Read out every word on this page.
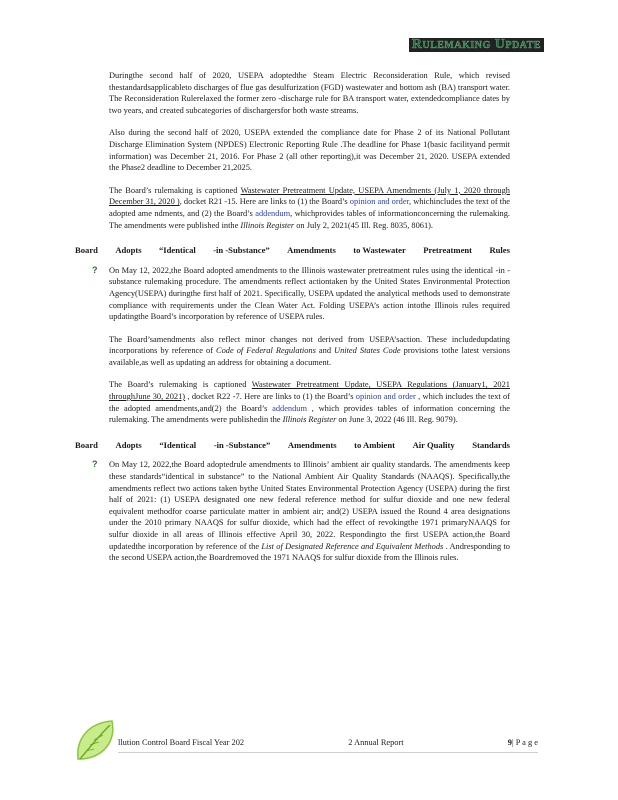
Rulemaking Update

Duringthe second half of 2020, USEPA adoptedthe Steam Electric Reconsideration Rule, which revised thestandardsapplicableto discharges of flue gas desulfurization (FGD) wastewater and bottom ash (BA) transport water. The Reconsideration Rulerelaxed the former zero -discharge rule for BA transport water, extendedcompliance dates by two years, and created subcategories of dischargersfor both waste streams.

Also during the second half of 2020, USEPA extended the compliance date for Phase 2 of its National Pollutant Discharge Elimination System (NPDES) Electronic Reporting Rule .The deadline for Phase 1(basic facilityand permit information) was December 21, 2016. For Phase 2 (all other reporting),it was December 21, 2020. USEPA extended the Phase2 deadline to December 21,2025.

The Board’s rulemaking is captioned Wastewater Pretreatment Update, USEPA Amendments (July 1, 2020 through December 31, 2020 ), docket R21 -15. Here are links to (1) the Board’s opinion and order, whichincludes the text of the adopted ame ndments, and (2) the Board’s addendum, whichprovides tables of informationconcerning the rulemaking. The amendments were published inthe Illinois Register on July 2, 2021(45 Ill. Reg. 8035, 8061).

Board Adopts “Identical -in -Substance” Amendments to Wastewater Pretreatment Rules
? On May 12, 2022,the Board adopted amendments to the Illinois wastewater pretreatment rules using the identical -in -substance rulemaking procedure. The amendments reflect actiontaken by the United States Environmental Protection Agency(USEPA) duringthe first half of 2021. Specifically, USEPA updated the analytical methods used to demonstrate compliance with requirements under the Clean Water Act. Folding USEPA’s action intothe Illinois rules required updatingthe Board’s incorporation by reference of USEPA rules.

The Board’samendments also reflect minor changes not derived from USEPA’saction. These includedupdating incorporations by reference of Code of Federal Regulations and United States Code provisions tothe latest versions available,as well as updating an address for obtaining a document.

The Board’s rulemaking is captioned Wastewater Pretreatment Update, USEPA Regulations (January1, 2021 throughJune 30, 2021) , docket R22 -7. Here are links to (1) the Board’s opinion and order , which includes the text of the adopted amendments,and(2) the Board’s addendum , which provides tables of information concerning the rulemaking. The amendments were publishedin the Illinois Register on June 3, 2022 (46 Ill. Reg. 9079).

Board Adopts “Identical -in -Substance” Amendments to Ambient Air Quality Standards
? On May 12, 2022,the Board adoptedrule amendments to Illinois’ ambient air quality standards. The amendments keep these standards“identical in substance” to the National Ambient Air Quality Standards (NAAQS). Specifically,the amendments reflect two actions taken bythe United States Environmental Protection Agency (USEPA) during the first half of 2021: (1) USEPA designated one new federal reference method for sulfur dioxide and one new federal equivalent methodfor coarse particulate matter in ambient air; and(2) USEPA issued the Round 4 area designations under the 2010 primary NAAQS for sulfur dioxide, which had the effect of revokingthe 1971 primaryNAAQS for sulfur dioxide in all areas of Illinois effective April 30, 2022. Respondingto the first USEPA action,the Board updatedthe incorporation by reference of the List of Designated Reference and Equivalent Methods . Andresponding to the second USEPA action,the Boardremoved the 1971 NAAQS for sulfur dioxide from the Illinois rules.

llution Control Board Fiscal Year 202	2 Annual Report	9| P a g e
